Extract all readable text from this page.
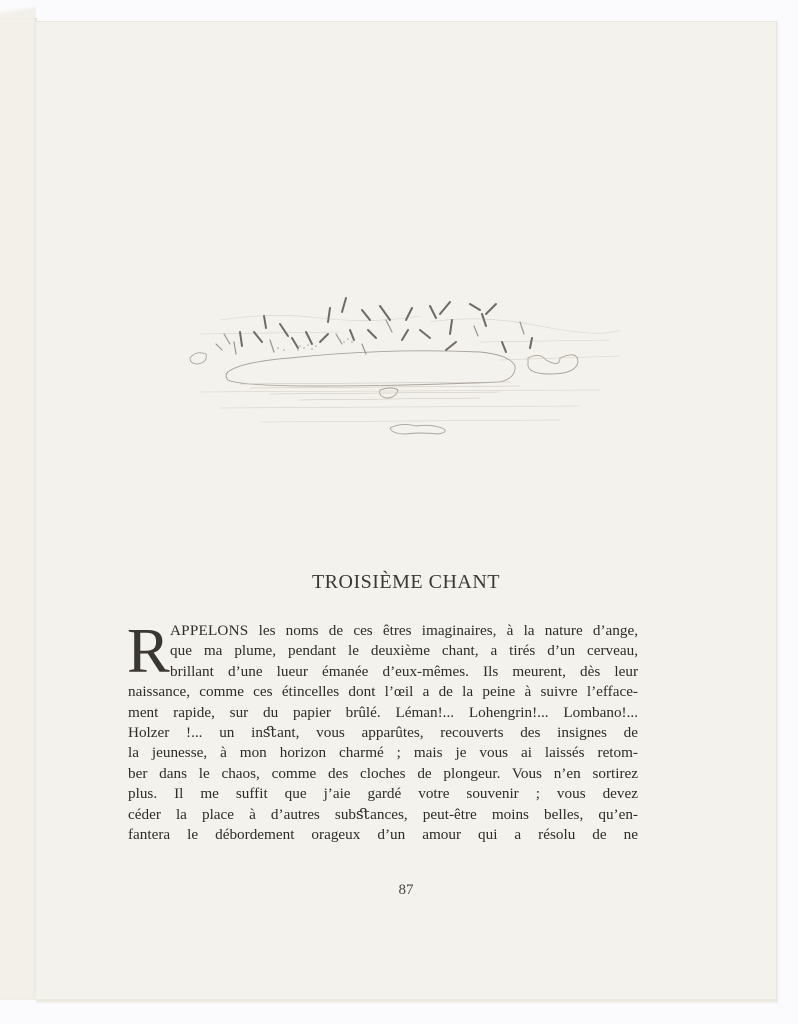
TROISIÈME CHANT
R APPELONS les noms de ces êtres imaginaires, à la nature d’ange,
que ma plume, pendant le deuxième chant, a tirés d’un cerveau,
brillant d’une lueur émanée d’eux-mêmes. Ils meurent, dès leur
naissance, comme ces étincelles dont l’œil a de la peine à suivre l’efface-
ment rapide, sur du papier brûlé. Léman!... Lohengrin!... Lombano!...
Holzer !... un inﬆant, vous apparûtes, recouverts des insignes de
la jeunesse, à mon horizon charmé ; mais je vous ai laissés retom-
ber dans le chaos, comme des cloches de plongeur. Vous n’en sortirez
plus. Il me suffit que j’aie gardé votre souvenir ; vous devez
céder la place à d’autres subﬆances, peut-être moins belles, qu’en-
fantera le débordement orageux d’un amour qui a résolu de ne
87
